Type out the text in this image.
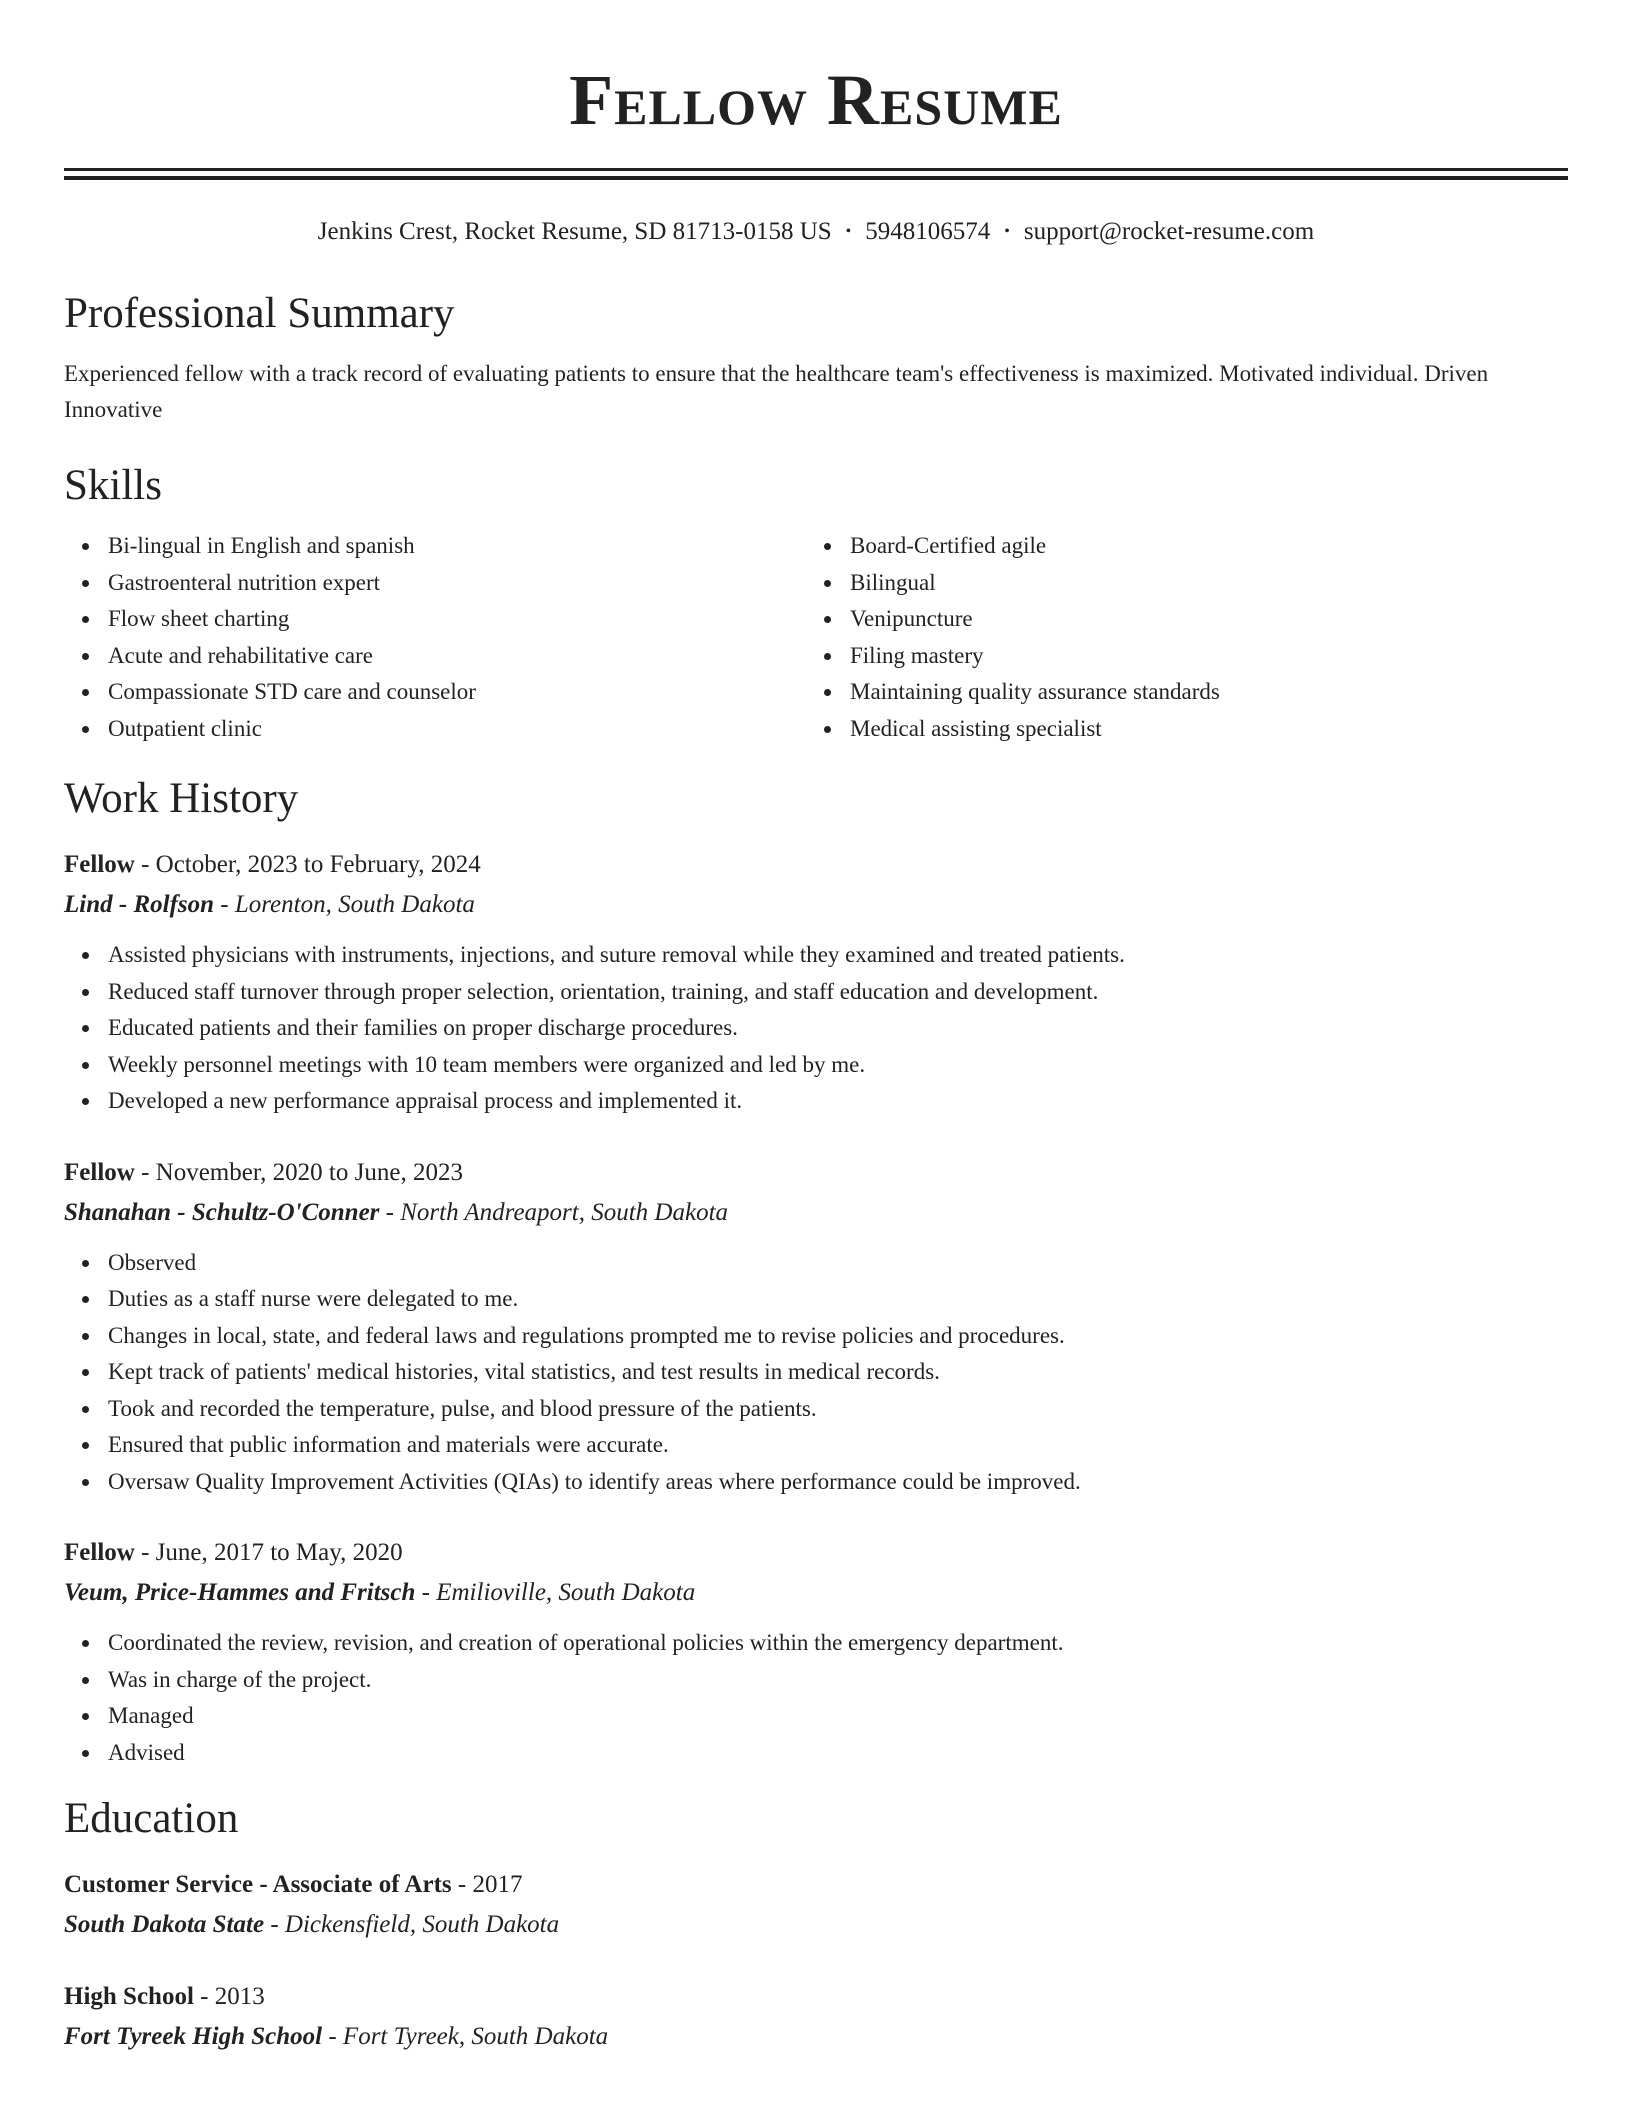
Fellow Resume
Jenkins Crest, Rocket Resume, SD 81713-0158 US • 5948106574 • support@rocket-resume.com
Professional Summary
Experienced fellow with a track record of evaluating patients to ensure that the healthcare team's effectiveness is maximized. Motivated individual. Driven Innovative
Skills
Bi-lingual in English and spanish
Gastroenteral nutrition expert
Flow sheet charting
Acute and rehabilitative care
Compassionate STD care and counselor
Outpatient clinic
Board-Certified agile
Bilingual
Venipuncture
Filing mastery
Maintaining quality assurance standards
Medical assisting specialist
Work History
Fellow - October, 2023 to February, 2024
Lind - Rolfson - Lorenton, South Dakota
Assisted physicians with instruments, injections, and suture removal while they examined and treated patients.
Reduced staff turnover through proper selection, orientation, training, and staff education and development.
Educated patients and their families on proper discharge procedures.
Weekly personnel meetings with 10 team members were organized and led by me.
Developed a new performance appraisal process and implemented it.
Fellow - November, 2020 to June, 2023
Shanahan - Schultz-O'Conner - North Andreaport, South Dakota
Observed
Duties as a staff nurse were delegated to me.
Changes in local, state, and federal laws and regulations prompted me to revise policies and procedures.
Kept track of patients' medical histories, vital statistics, and test results in medical records.
Took and recorded the temperature, pulse, and blood pressure of the patients.
Ensured that public information and materials were accurate.
Oversaw Quality Improvement Activities (QIAs) to identify areas where performance could be improved.
Fellow - June, 2017 to May, 2020
Veum, Price-Hammes and Fritsch - Emilioville, South Dakota
Coordinated the review, revision, and creation of operational policies within the emergency department.
Was in charge of the project.
Managed
Advised
Education
Customer Service - Associate of Arts - 2017
South Dakota State - Dickensfield, South Dakota
High School - 2013
Fort Tyreek High School - Fort Tyreek, South Dakota
